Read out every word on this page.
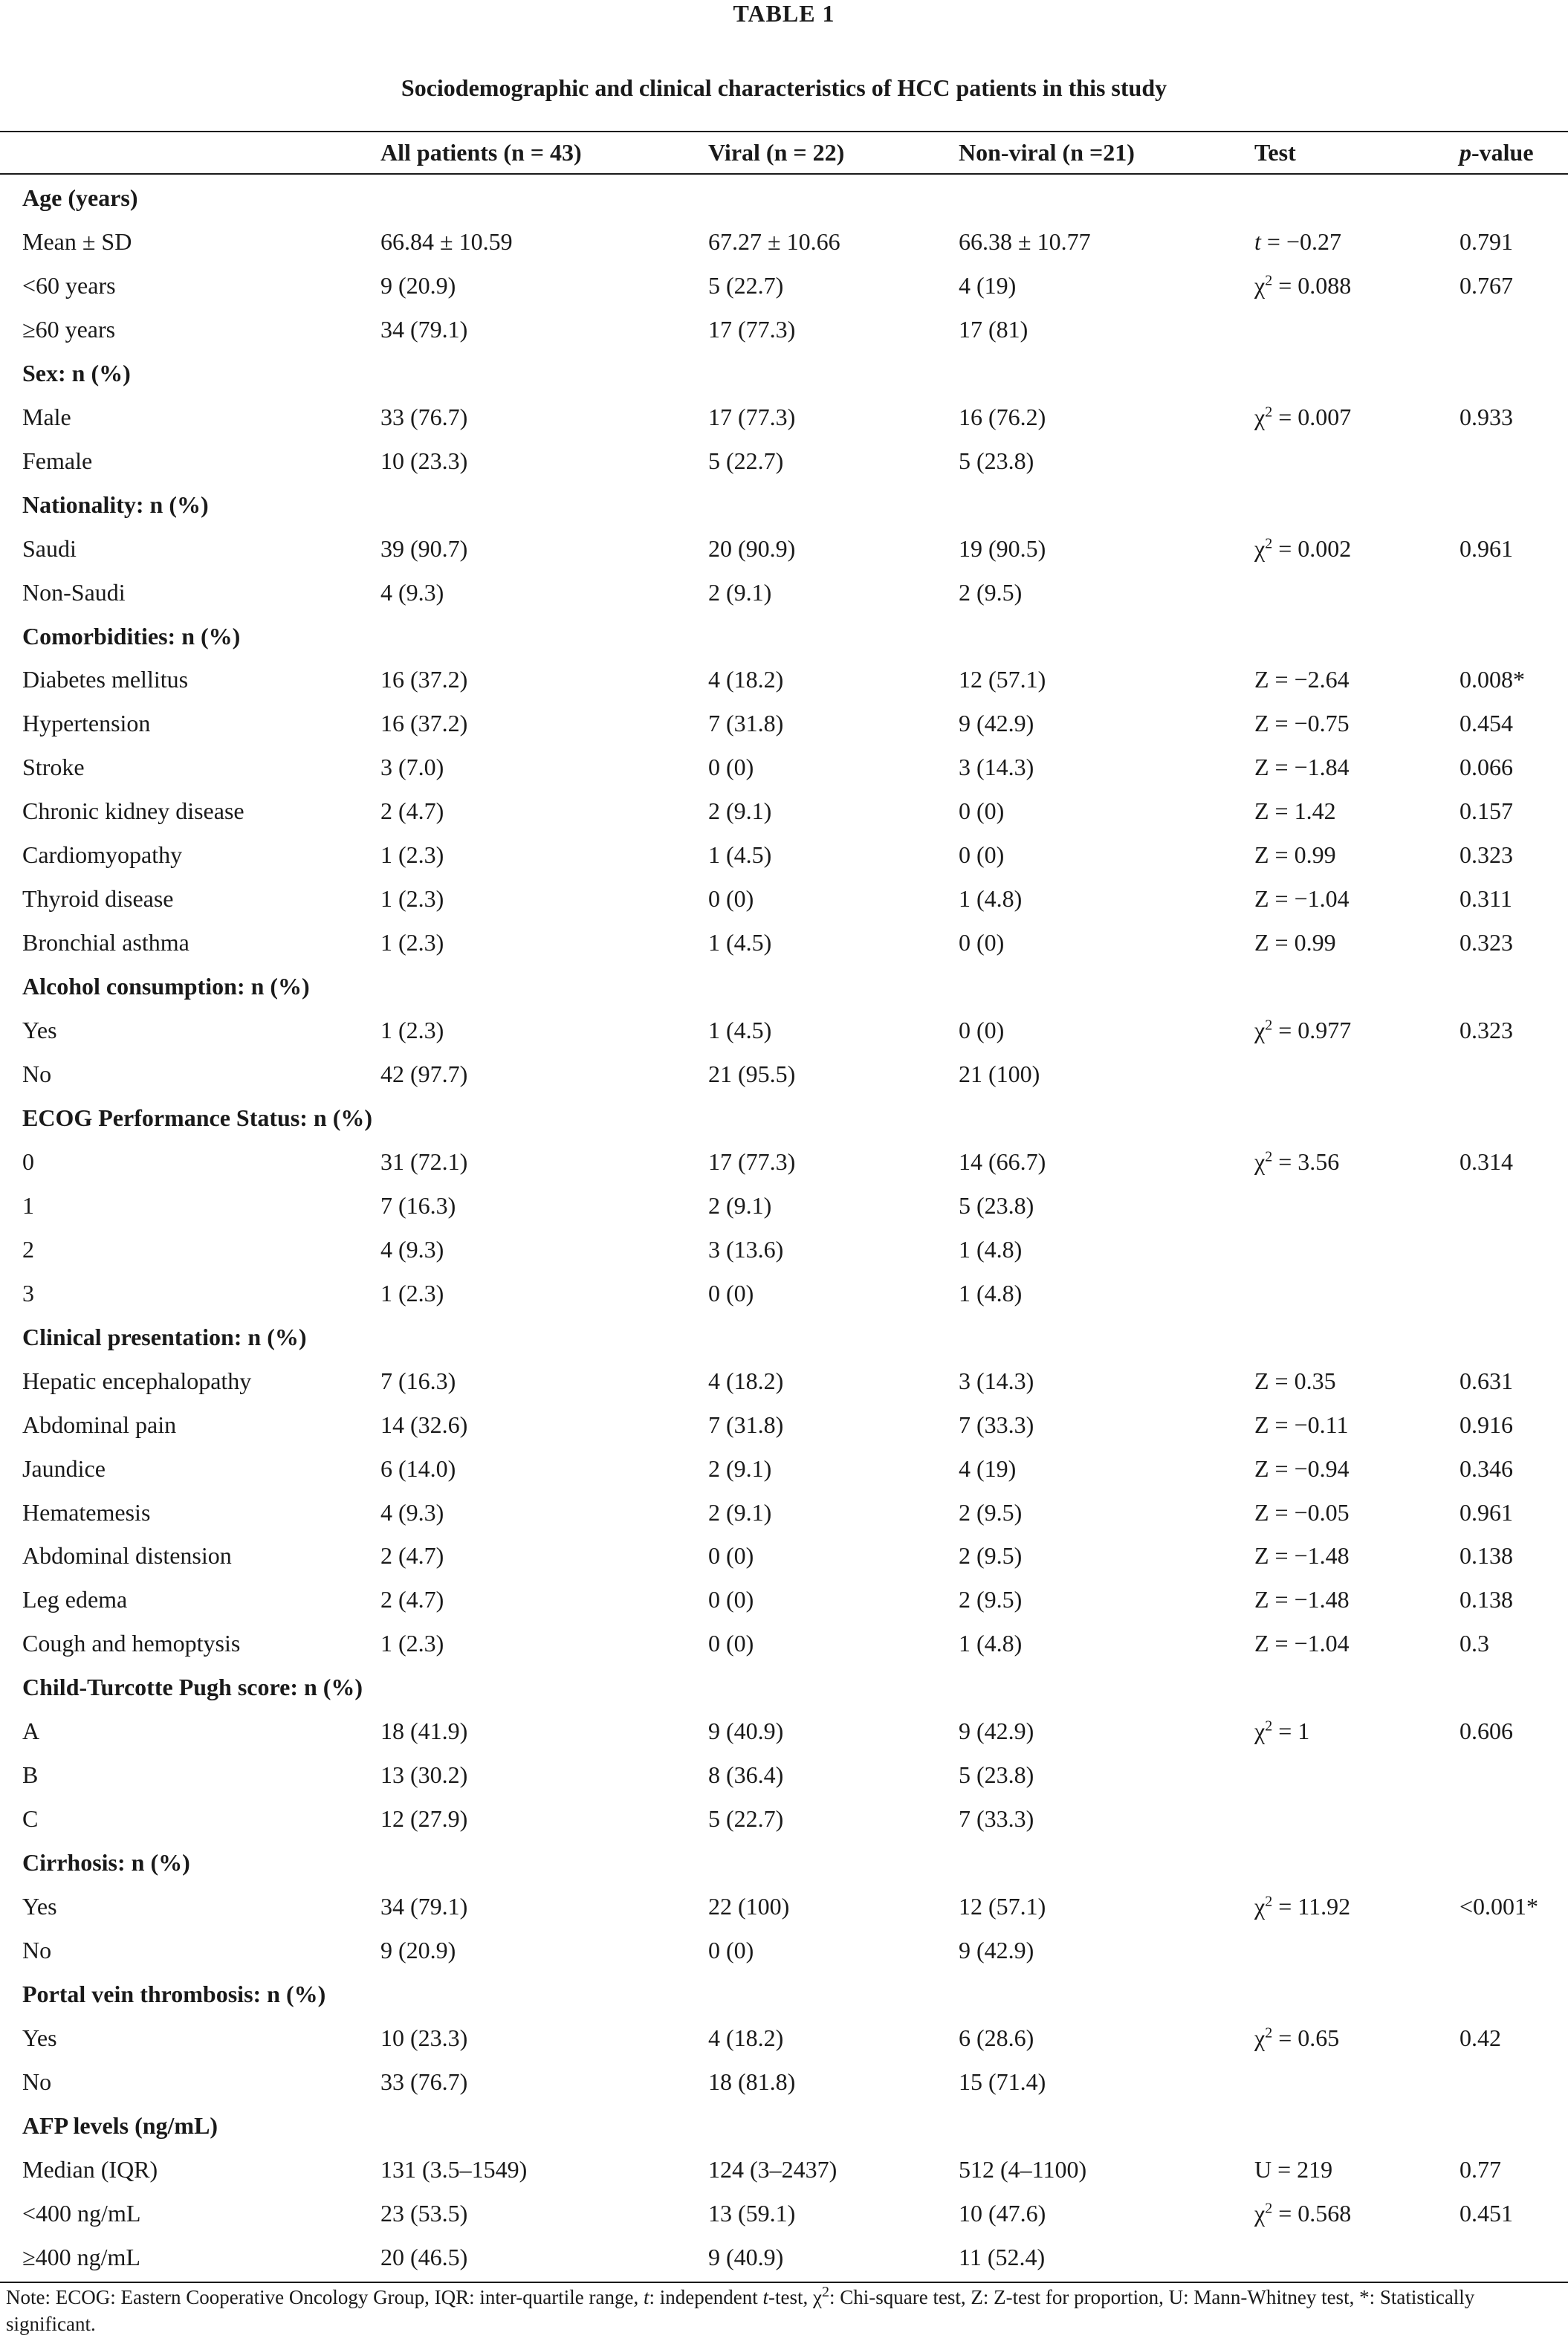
TABLE 1
Sociodemographic and clinical characteristics of HCC patients in this study
All patients (n = 43)	Viral (n = 22)	Non-viral (n =21)	Test	p-value
Age (years)
Mean ± SD	66.84 ± 10.59	67.27 ± 10.66	66.38 ± 10.77	t = −0.27	0.791
<60 years	9 (20.9)	5 (22.7)	4 (19)	$\chi^2 = 0.088$	0.767
≥60 years	34 (79.1)	17 (77.3)	17 (81)
Sex: n (%)
Male	33 (76.7)	17 (77.3)	16 (76.2)	$\chi^2 = 0.007$	0.933
Female	10 (23.3)	5 (22.7)	5 (23.8)
Nationality: n (%)
Saudi	39 (90.7)	20 (90.9)	19 (90.5)	$\chi^2 = 0.002$	0.961
Non-Saudi	4 (9.3)	2 (9.1)	2 (9.5)
Comorbidities: n (%)
Diabetes mellitus	16 (37.2)	4 (18.2)	12 (57.1)	Z = −2.64	0.008*
Hypertension	16 (37.2)	7 (31.8)	9 (42.9)	Z = −0.75	0.454
Stroke	3 (7.0)	0 (0)	3 (14.3)	Z = −1.84	0.066
Chronic kidney disease	2 (4.7)	2 (9.1)	0 (0)	Z = 1.42	0.157
Cardiomyopathy	1 (2.3)	1 (4.5)	0 (0)	Z = 0.99	0.323
Thyroid disease	1 (2.3)	0 (0)	1 (4.8)	Z = −1.04	0.311
Bronchial asthma	1 (2.3)	1 (4.5)	0 (0)	Z = 0.99	0.323
Alcohol consumption: n (%)
Yes	1 (2.3)	1 (4.5)	0 (0)	$\chi^2 = 0.977$	0.323
No	42 (97.7)	21 (95.5)	21 (100)
ECOG Performance Status: n (%)
0	31 (72.1)	17 (77.3)	14 (66.7)	$\chi^2 = 3.56$	0.314
1	7 (16.3)	2 (9.1)	5 (23.8)
2	4 (9.3)	3 (13.6)	1 (4.8)
3	1 (2.3)	0 (0)	1 (4.8)
Clinical presentation: n (%)
Hepatic encephalopathy	7 (16.3)	4 (18.2)	3 (14.3)	Z = 0.35	0.631
Abdominal pain	14 (32.6)	7 (31.8)	7 (33.3)	Z = −0.11	0.916
Jaundice	6 (14.0)	2 (9.1)	4 (19)	Z = −0.94	0.346
Hematemesis	4 (9.3)	2 (9.1)	2 (9.5)	Z = −0.05	0.961
Abdominal distension	2 (4.7)	0 (0)	2 (9.5)	Z = −1.48	0.138
Leg edema	2 (4.7)	0 (0)	2 (9.5)	Z = −1.48	0.138
Cough and hemoptysis	1 (2.3)	0 (0)	1 (4.8)	Z = −1.04	0.3
Child-Turcotte Pugh score: n (%)
A	18 (41.9)	9 (40.9)	9 (42.9)	$\chi^2 = 1$	0.606
B	13 (30.2)	8 (36.4)	5 (23.8)
C	12 (27.9)	5 (22.7)	7 (33.3)
Cirrhosis: n (%)
Yes	34 (79.1)	22 (100)	12 (57.1)	$\chi^2 = 11.92$	<0.001*
No	9 (20.9)	0 (0)	9 (42.9)
Portal vein thrombosis: n (%)
Yes	10 (23.3)	4 (18.2)	6 (28.6)	$\chi^2 = 0.65$	0.42
No	33 (76.7)	18 (81.8)	15 (71.4)
AFP levels (ng/mL)
Median (IQR)	131 (3.5–1549)	124 (3–2437)	512 (4–1100)	U = 219	0.77
<400 ng/mL	23 (53.5)	13 (59.1)	10 (47.6)	$\chi^2 = 0.568$	0.451
≥400 ng/mL	20 (46.5)	9 (40.9)	11 (52.4)
Note: ECOG: Eastern Cooperative Oncology Group, IQR: inter-quartile range, t: independent t-test, $\chi^2$: Chi-square test, Z: Z-test for proportion, U: Mann-Whitney test, *: Statistically significant.
